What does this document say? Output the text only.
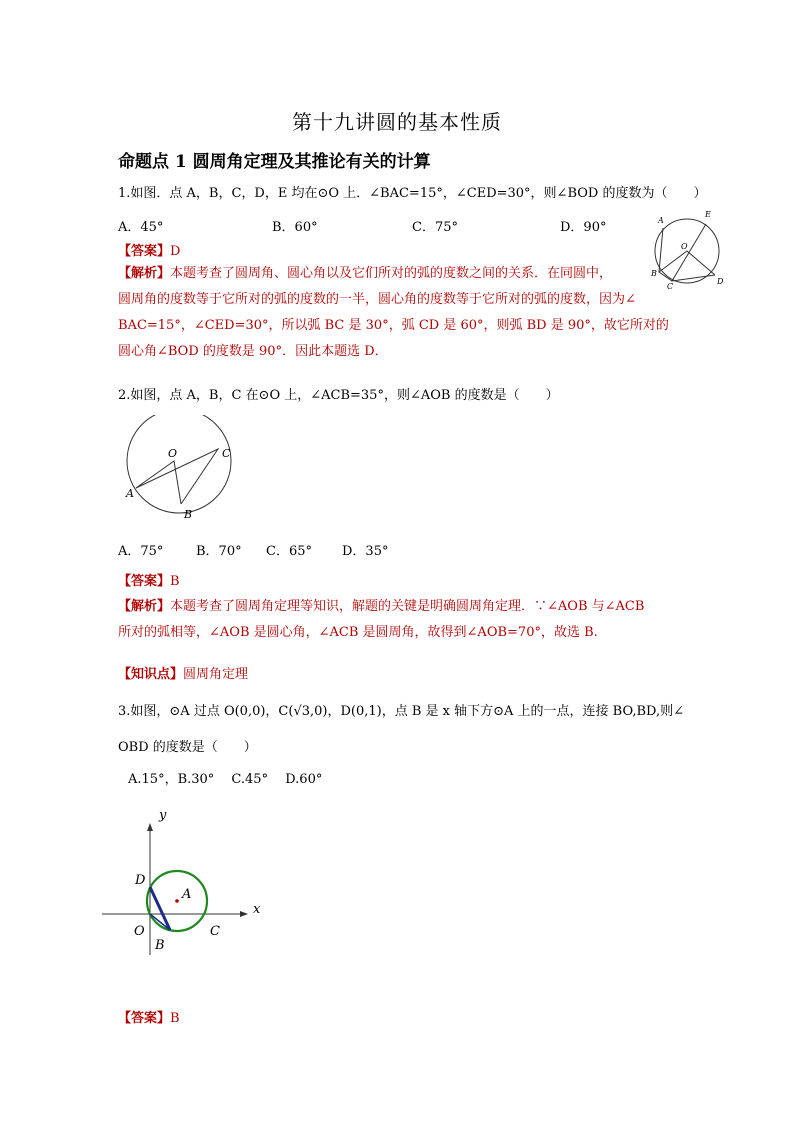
第十九讲圆的基本性质
命题点 1 圆周角定理及其推论有关的计算
1.如图．点 A，B，C，D，E 均在⊙O 上．∠BAC=15°，∠CED=30°，则∠BOD 的度数为（　　）
A．45°	B．60°	C．75°	D．90°
【答案】D
【解析】本题考查了圆周角、圆心角以及它们所对的弧的度数之间的关系．在同圆中，
圆周角的度数等于它所对的弧的度数的一半，圆心角的度数等于它所对的弧的度数，因为∠
BAC=15°，∠CED=30°，所以弧 BC 是 30°，弧 CD 是 60°，则弧 BD 是 90°，故它所对的
圆心角∠BOD 的度数是 90°．因此本题选 D．
A
E
O
B
C
D
2.如图，点 A，B，C 在⊙O 上，∠ACB=35°，则∠AOB 的度数是（　　）
O	C
A
B
A．75°	B．70° C．65° D．35°
【答案】B
【解析】本题考查了圆周角定理等知识，解题的关键是明确圆周角定理．∵∠AOB 与∠ACB
所对的弧相等，∠AOB 是圆心角，∠ACB 是圆周角，故得到∠AOB=70°，故选 B.
【知识点】圆周角定理
3.如图，⊙A 过点 O(0,0)，C(√3,0)，D(0,1)，点 B 是 x 轴下方⊙A 上的一点，连接 BO,BD,则∠
OBD 的度数是（　　）
A.15°，B.30°　 C.45°　 D.60°
y
x
D
A
O
B
C
【答案】B
